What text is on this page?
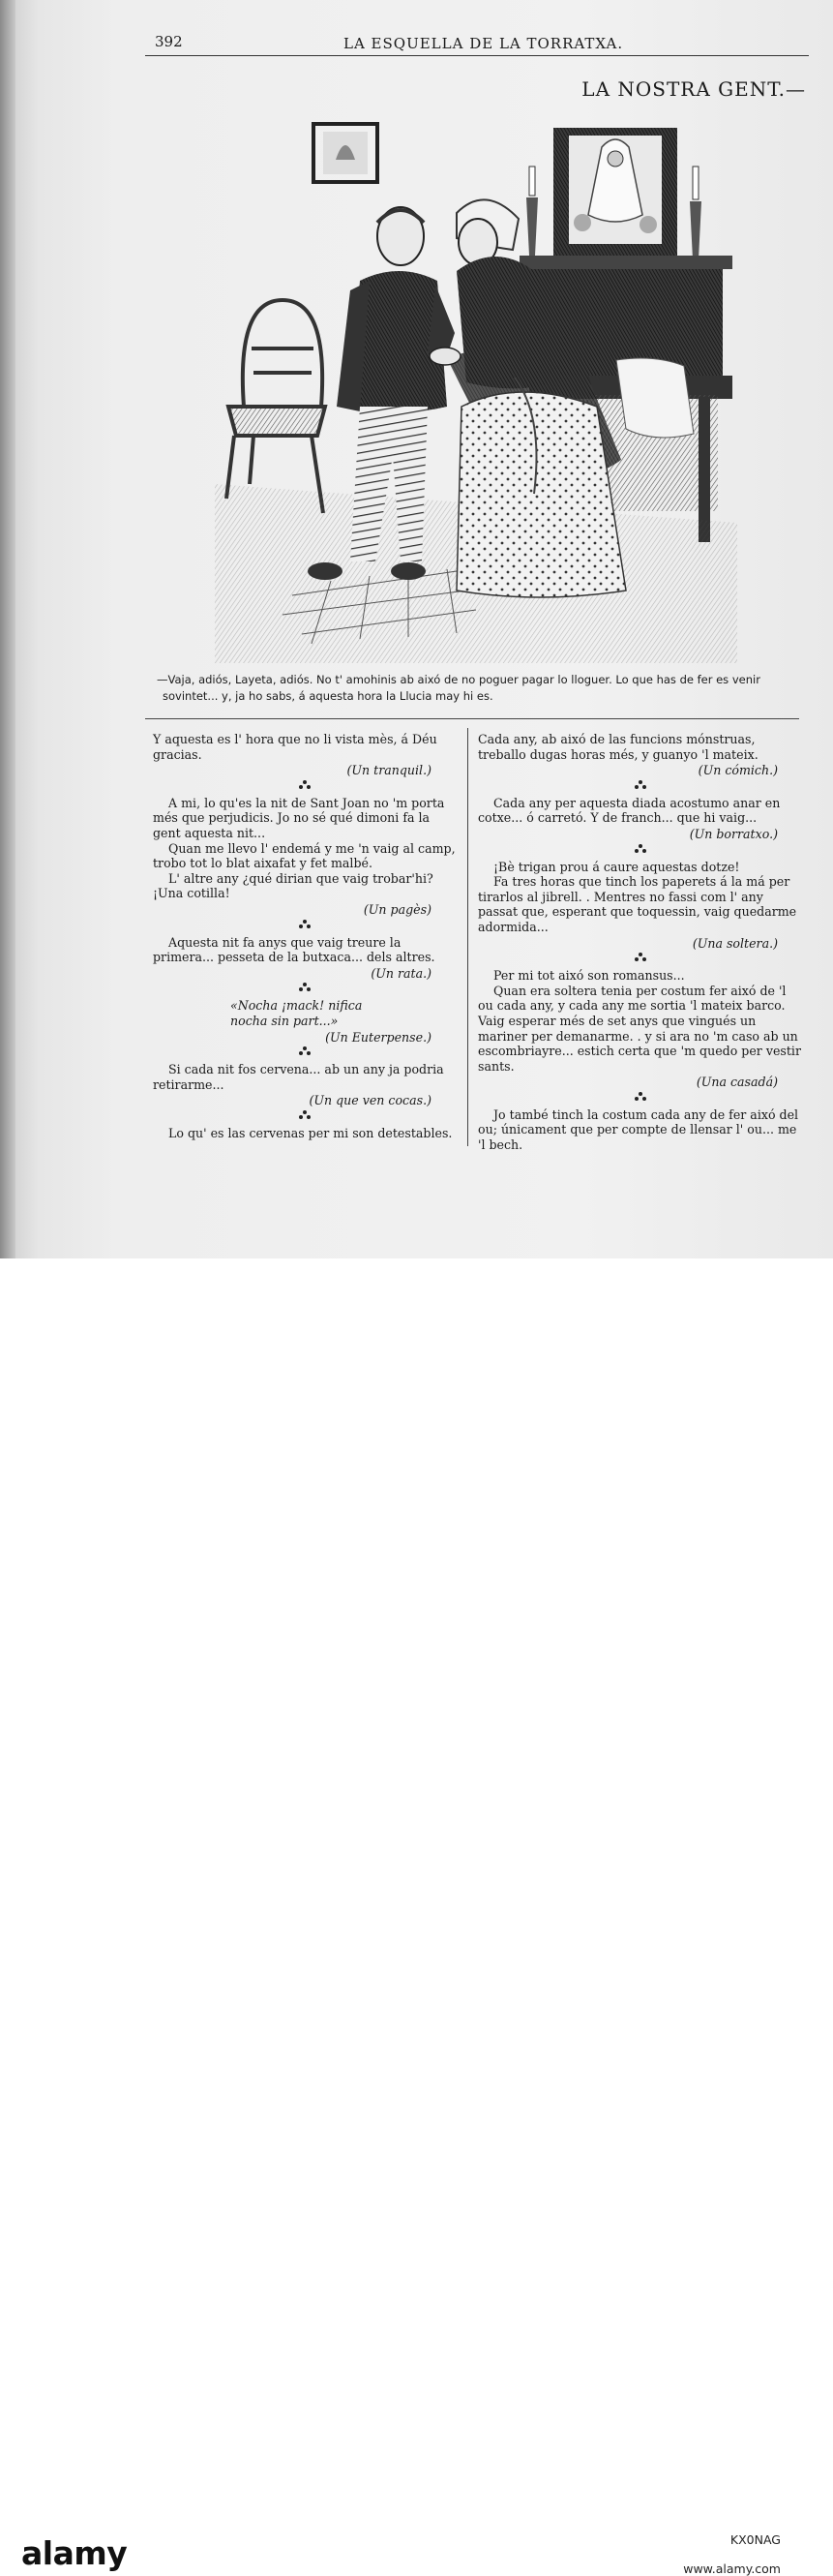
392	LA ESQUELLA DE LA TORRATXA.
LA NOSTRA GENT.—
—Vaja, adiós, Layeta, adiós. No t' amohinis ab aixó de no poguer pagar lo lloguer. Lo que has de fer es venir
sovintet... y, ja ho sabs, á aquesta hora la Llucia may hi es.

Y aquesta es l' hora que no li vista mès, á Déu gracias.

(Un tranquil.)

A mi, lo qu'es la nit de Sant Joan no 'm porta més que perjudicis. Jo no sé qué dimoni fa la gent aquesta nit...

Quan me llevo l' endemá y me 'n vaig al camp, trobo tot lo blat aixafat y fet malbé.

L' altre any ¿qué dirian que vaig trobar'hi? ¡Una cotilla!

(Un pagès)

Aquesta nit fa anys que vaig treure la primera... pesseta de la butxaca... dels altres.

(Un rata.)

«Nocha ¡mack! nifica

nocha sin part...»

(Un Euterpense.)

Si cada nit fos cervena... ab un any ja podria retirarme...

(Un que ven cocas.)

Lo qu' es las cervenas per mi son detestables.

Cada any, ab aixó de las funcions mónstruas, treballo dugas horas més, y guanyo 'l mateix.

(Un cómich.)

Cada any per aquesta diada acostumo anar en cotxe... ó carretó. Y de franch... que hi vaig...

(Un borratxo.)

¡Bè trigan prou á caure aquestas dotze!

Fa tres horas que tinch los paperets á la má per tirarlos al jibrell. . Mentres no fassi com l' any passat que, esperant que toquessin, vaig quedarme adormida...

(Una soltera.)

Per mi tot aixó son romansus...

Quan era soltera tenia per costum fer aixó de 'l ou cada any, y cada any me sortia 'l mateix barco. Vaig esperar més de set anys que vingués un mariner per demanarme. . y si ara no 'm caso ab un escombriayre... estich certa que 'm quedo per vestir sants.

(Una casadá)

Jo també tinch la costum cada any de fer aixó del ou; únicament que per compte de llensar l' ou... me 'l bech.

alamy	KX0NAG
www.alamy.com
